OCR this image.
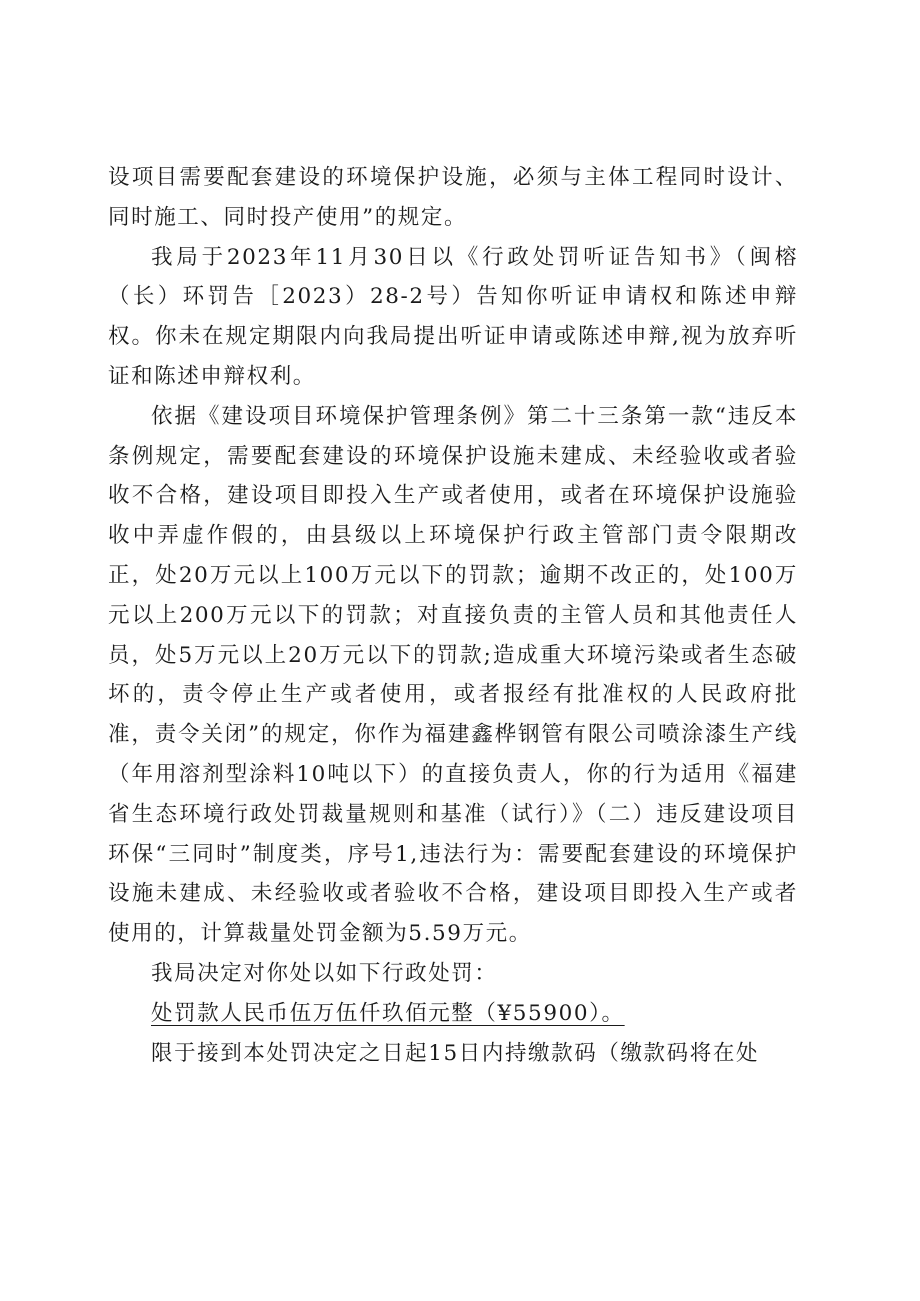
设项目需要配套建设的环境保护设施，必须与主体工程同时设计、同时施工、同时投产使用”的规定。

我局于2023年11月30日以《行政处罚听证告知书》（闽榕（长）环罚告［2023）28-2号）告知你听证申请权和陈述申辩权。你未在规定期限内向我局提出听证申请或陈述申辩,视为放弃听证和陈述申辩权利。

依据《建设项目环境保护管理条例》第二十三条第一款“违反本条例规定，需要配套建设的环境保护设施未建成、未经验收或者验收不合格，建设项目即投入生产或者使用，或者在环境保护设施验收中弄虚作假的，由县级以上环境保护行政主管部门责令限期改正，处20万元以上100万元以下的罚款；逾期不改正的，处100万元以上200万元以下的罚款；对直接负责的主管人员和其他责任人员，处5万元以上20万元以下的罚款;造成重大环境污染或者生态破坏的，责令停止生产或者使用，或者报经有批准权的人民政府批准，责令关闭”的规定，你作为福建鑫桦钢管有限公司喷涂漆生产线（年用溶剂型涂料10吨以下）的直接负责人，你的行为适用《福建省生态环境行政处罚裁量规则和基准（试行）》（二）违反建设项目环保“三同时”制度类，序号1,违法行为：需要配套建设的环境保护设施未建成、未经验收或者验收不合格，建设项目即投入生产或者使用的，计算裁量处罚金额为5.59万元。

我局决定对你处以如下行政处罚：

处罚款人民币伍万伍仟玖佰元整（¥55900）。

限于接到本处罚决定之日起15日内持缴款码（缴款码将在处
